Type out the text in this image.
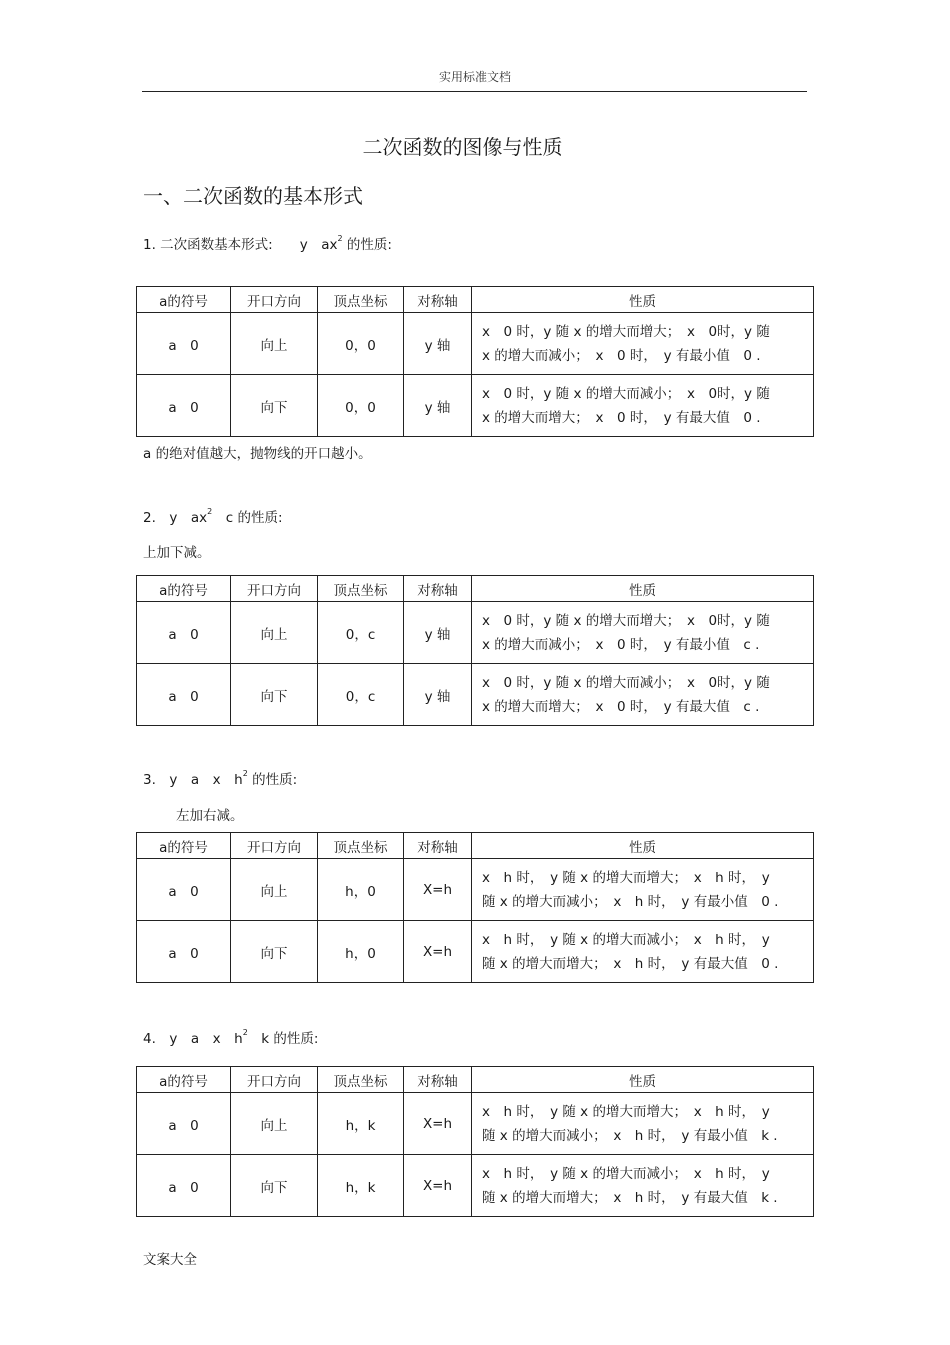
实用标准文档
二次函数的图像与性质
一、二次函数的基本形式
1. 二次函数基本形式:　　y　$ax^2$ 的性质:
a的符号	开口方向	顶点坐标	对称轴	性质
a　0	向上	0，0	y 轴	x　0 时，y 随 x 的增大而增大；　x　0时，y 随
x 的增大而减小；　x　0 时，　y 有最小值　0 .

a　0	向下	0，0	y 轴	x　0 时，y 随 x 的增大而减小；　x　0时，y 随
x 的增大而增大；　x　0 时，　y 有最大值　0 .
a 的绝对值越大，抛物线的开口越小。
2.　y　$ax^2$　c 的性质:
上加下减。
a的符号	开口方向	顶点坐标	对称轴	性质
a　0	向上	0，c	y 轴	x　0 时，y 随 x 的增大而增大；　x　0时，y 随
x 的增大而减小；　x　0 时，　y 有最小值　c .

a　0	向下	0，c	y 轴	x　0 时，y 随 x 的增大而减小；　x　0时，y 随
x 的增大而增大；　x　0 时，　y 有最大值　c .
3.　y　a　x　$h^2$ 的性质:
左加右减。
a的符号	开口方向	顶点坐标	对称轴	性质
a　0	向上	h，0	X=h	x　h 时，　y 随 x 的增大而增大；　x　h 时，　y
随 x 的增大而减小；　x　h 时，　y 有最小值　0 .

a　0	向下	h，0	X=h	x　h 时，　y 随 x 的增大而减小；　x　h 时，　y
随 x 的增大而增大；　x　h 时，　y 有最大值　0 .
4.　y　a　x　$h^2$　k 的性质:
a的符号	开口方向	顶点坐标	对称轴	性质
a　0	向上	h，k	X=h	x　h 时，　y 随 x 的增大而增大；　x　h 时，　y
随 x 的增大而减小；　x　h 时，　y 有最小值　k .

a　0	向下	h，k	X=h	x　h 时，　y 随 x 的增大而减小；　x　h 时，　y
随 x 的增大而增大；　x　h 时，　y 有最大值　k .
文案大全
